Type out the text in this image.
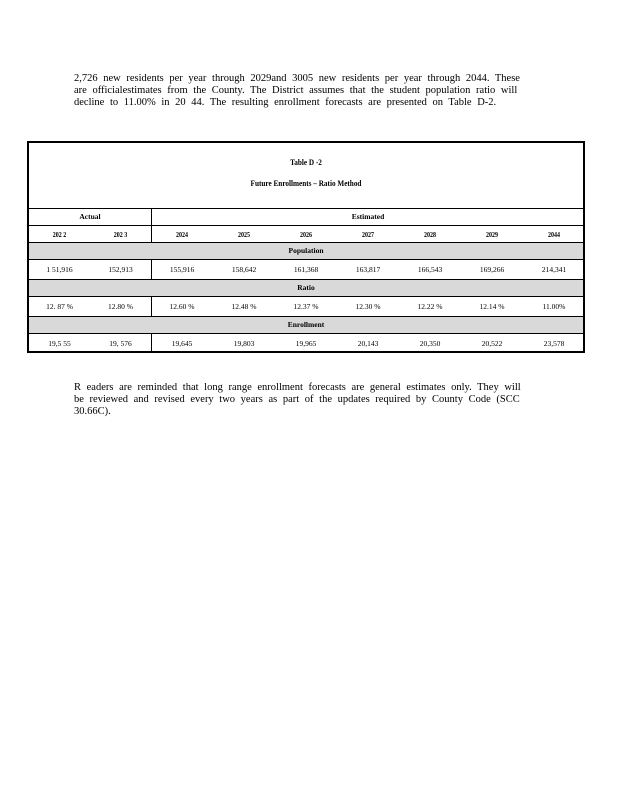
2,726 new residents per year through 2029and 3005 new residents per year through 2044. These
are officialestimates from the County. The District assumes that the student population ratio will
decline to 11.00% in 20 44. The resulting enrollment forecasts are presented on Table D-2.
Table D -2
Future Enrollments – Ratio Method
Actual	Estimated
202 2	202 3	2024	2025	2026	2027	2028	2029	2044
Population
1 51,916	152,913	155,916	158,642	161,368	163,817	166,543	169,266	214,341
Ratio
12. 87 %	12.80 %	12.60 %	12.48 %	12.37 %	12.30 %	12.22 %	12.14 %	11.00%
Enrollment
19,5 55	19, 576	19,645	19,803	19,965	20,143	20,350	20,522	23,578
R eaders are reminded that long range enrollment forecasts are general estimates only. They will
be reviewed and revised every two years as part of the updates required by County Code (SCC
30.66C).
